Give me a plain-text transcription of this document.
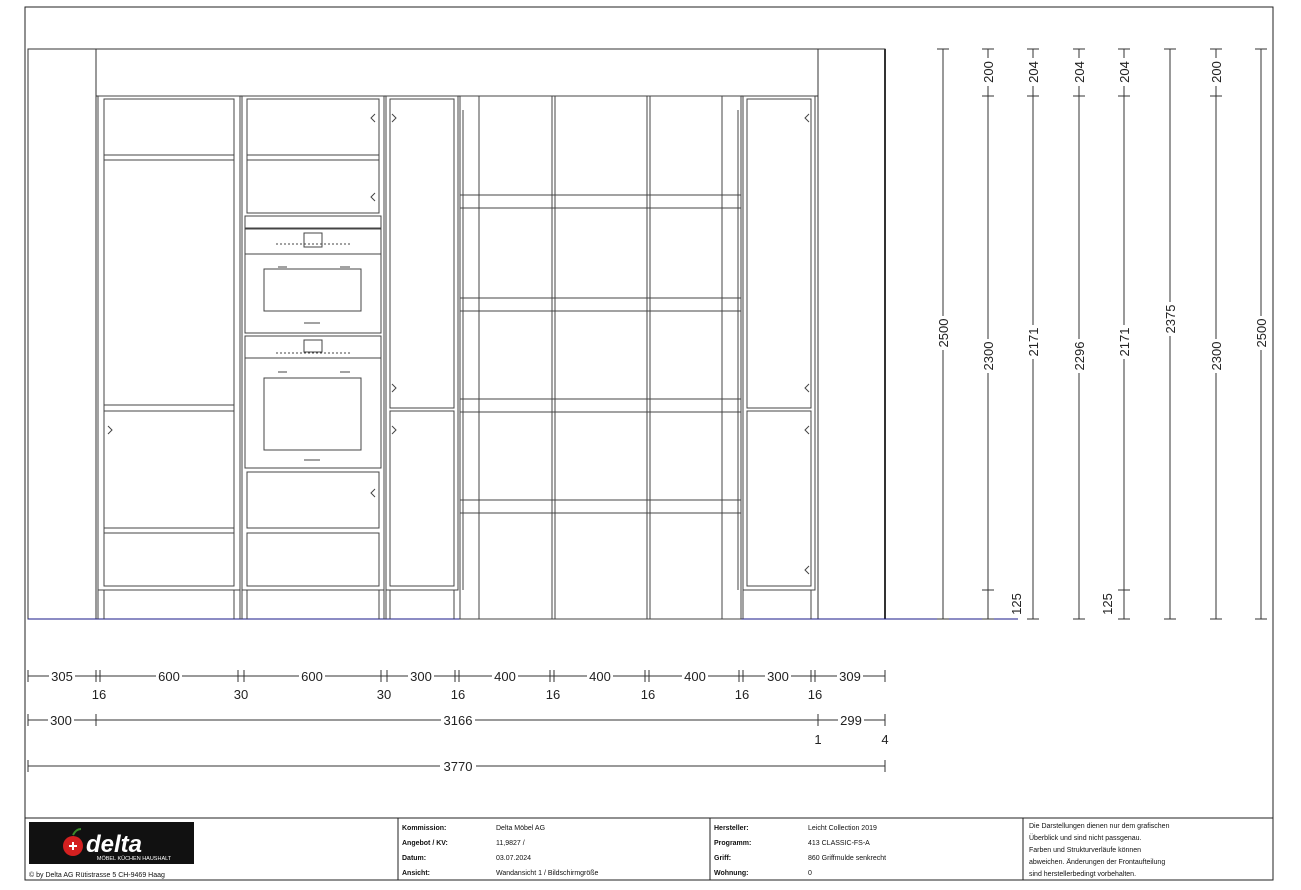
305	600	600	300	400	400	400	300	309
16	30	30	16	16	16	16	16
300	3166	299
1	4
3770
200 204 204 204	200
2500
2300 2171 2296 2171
2375
2300
2500
125	125
delta
MÖBEL KÜCHEN HAUSHALT
© by Delta AG Rütistrasse 5 CH-9469 Haag
Kommission:	Delta Möbel AG
Angebot / KV:	11,9827 /
Datum:	03.07.2024
Ansicht:	Wandansicht 1 / Bildschirmgröße
Hersteller:	Leicht Collection 2019
Programm:	413 CLASSIC-FS-A
Griff:	860 Griffmulde senkrecht
Wohnung:	0
Die Darstellungen dienen nur dem grafischen
Überblick und sind nicht passgenau.
Farben und Strukturverläufe können
abweichen. Änderungen der Frontaufteilung
sind herstellerbedingt vorbehalten.
